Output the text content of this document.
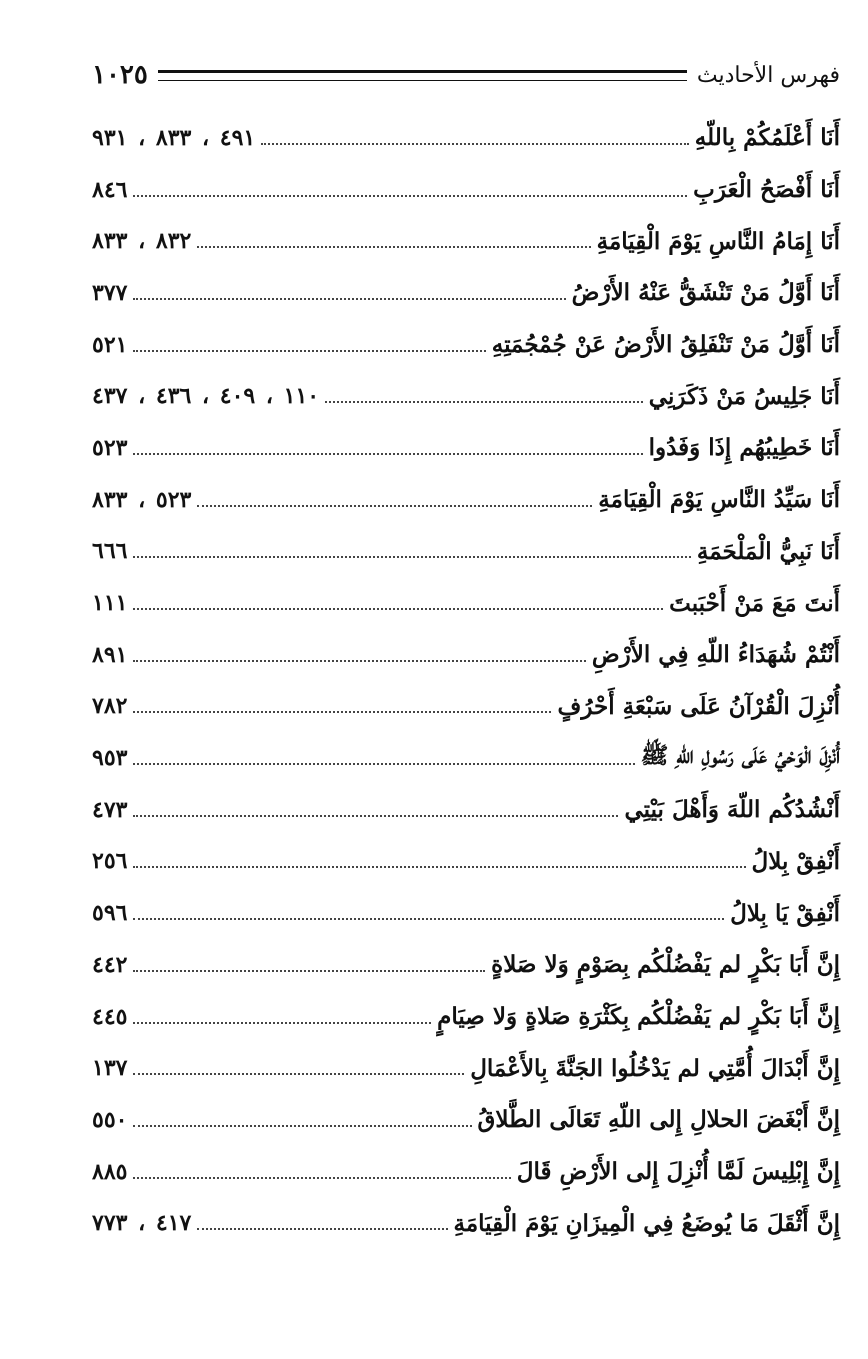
١٠٢٥	فهرس الأحاديث
أَنَا أَعْلَمُكُمْ بِاللّهِ
٤٩١ ، ٨٣٣ ، ٩٣١
أَنَا أَفْصَحُ الْعَرَبِ
٨٤٦
أَنَا إِمَامُ النَّاسِ يَوْمَ الْقِيَامَةِ
٨٣٢ ، ٨٣٣
أَنَا أَوَّلُ مَنْ تَنْشَقُّ عَنْهُ الأَرْضُ
٣٧٧
أَنَا أَوَّلُ مَنْ تَنْفَلِقُ الأَرْضُ عَنْ جُمْجُمَتِهِ
٥٢١
أَنَا جَلِيسُ مَنْ ذَكَرَنِي
١١٠ ، ٤٠٩ ، ٤٣٦ ، ٤٣٧
أَنَا خَطِيبُهُم إِذَا وَفَدُوا
٥٢٣
أَنَا سَيِّدُ النَّاسِ يَوْمَ الْقِيَامَةِ
٥٢٣ ، ٨٣٣
أَنَا نَبِيُّ الْمَلْحَمَةِ
٦٦٦
أَنتَ مَعَ مَنْ أَحْبَبتَ
١١١
أَنْتُمْ شُهَدَاءُ اللّهِ فِي الأَرْضِ
٨٩١
أُنْزِلَ الْقُرْآنُ عَلَى سَبْعَةِ أَحْرُفٍ
٧٨٢
أُنْزِلَ الْوَحْيُ عَلَى رَسُولِ اللّهِ ﷺ
٩٥٣
أَنْشُدُكُم اللّهَ وَأَهْلَ بَيْتِي
٤٧٣
أَنْفِقْ بِلالُ
٢٥٦
أَنْفِقْ يَا بِلالُ
٥٩٦
إِنَّ أَبَا بَكْرٍ لم يَفْضُلْكُم بِصَوْمٍ وَلا صَلاةٍ
٤٤٢
إِنَّ أَبَا بَكْرٍ لم يَفْضُلْكُم بِكَثْرَةِ صَلاةٍ وَلا صِيَامٍ
٤٤٥
إِنَّ أَبْدَالَ أُمَّتِي لم يَدْخُلُوا الجَنَّةَ بِالأَعْمَالِ
١٣٧
إِنَّ أَبْغَضَ الحلالِ إِلى اللّهِ تَعَالَى الطَّلاقُ
٥٥٠
إِنَّ إِبْلِيسَ لَمَّا أُنْزِلَ إِلى الأَرْضِ قَالَ
٨٨٥
إِنَّ أَثْقَلَ مَا يُوضَعُ فِي الْمِيزَانِ يَوْمَ الْقِيَامَةِ
٤١٧ ، ٧٧٣
